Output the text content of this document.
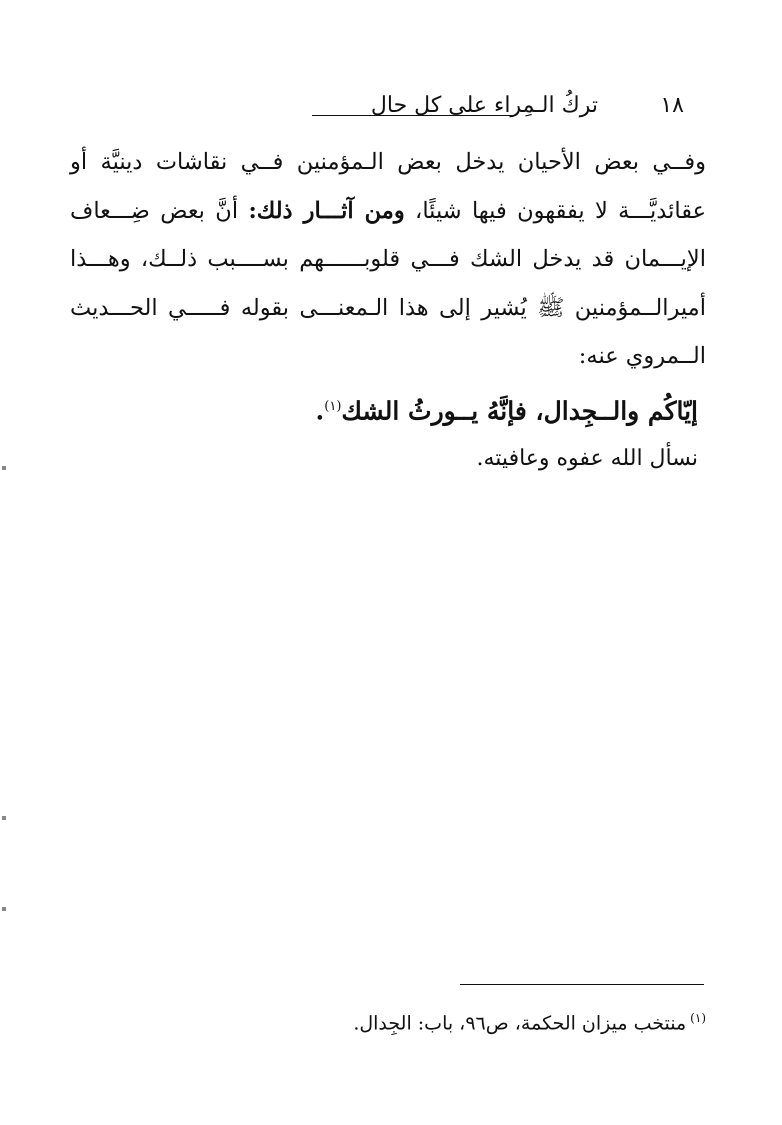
١٨
تركُ الـمِراء على كل حال

وفــي بعض الأحيان يدخل بعض الـمؤمنين فــي نقاشات دينيَّة أو عقائديَّـــة لا يفقهون فيها شيئًا، ومن آثـــار ذلك: أنَّ بعض ضِـــعاف الإيـــمان قد يدخل الشك فـــي قلوبــــــهم بســــبب ذلــك، وهـــذا أميرالــمؤمنين ﷺ يُشير إلى هذا الـمعنـــى بقوله فـــــي الحـــديث الــمروي عنه:

إيّاكُم والــجِدال، فإنَّهُ يــورثُ الشك$^{(١)}$.
نسأل الله عفوه وعافيته.
$^{(١)}$منتخب ميزان الحكمة، ص٩٦، باب: الجِدال.
